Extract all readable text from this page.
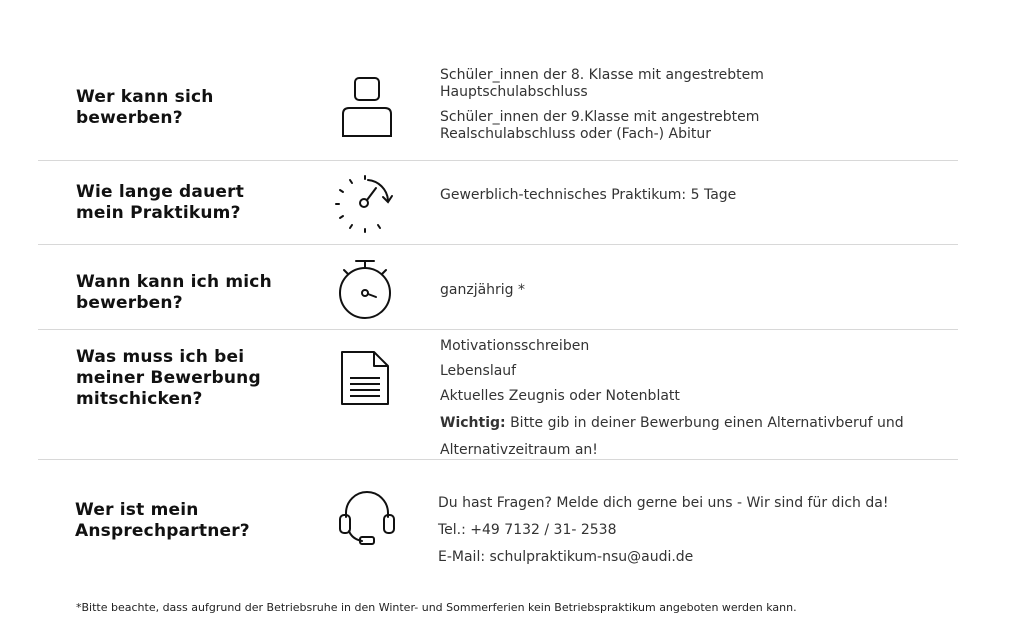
Wer kann sich
bewerben?

Schüler_innen der 8. Klasse mit angestrebtem

Hauptschulabschluss

Schüler_innen der 9.Klasse mit angestrebtem

Realschulabschluss oder (Fach-) Abitur

Wie lange dauert
mein Praktikum?

Gewerblich-technisches Praktikum: 5 Tage

Wann kann ich mich
bewerben?

ganzjährig *

Was muss ich bei
meiner Bewerbung
mitschicken?

Motivationsschreiben

Lebenslauf

Aktuelles Zeugnis oder Notenblatt

Wichtig: Bitte gib in deiner Bewerbung einen Alternativberuf und

Alternativzeitraum an!

Wer ist mein
Ansprechpartner?

Du hast Fragen? Melde dich gerne bei uns - Wir sind für dich da!

Tel.: +49 7132 / 31- 2538

E-Mail: schulpraktikum-nsu@audi.de

*Bitte beachte, dass aufgrund der Betriebsruhe in den Winter- und Sommerferien kein Betriebspraktikum angeboten werden kann.
